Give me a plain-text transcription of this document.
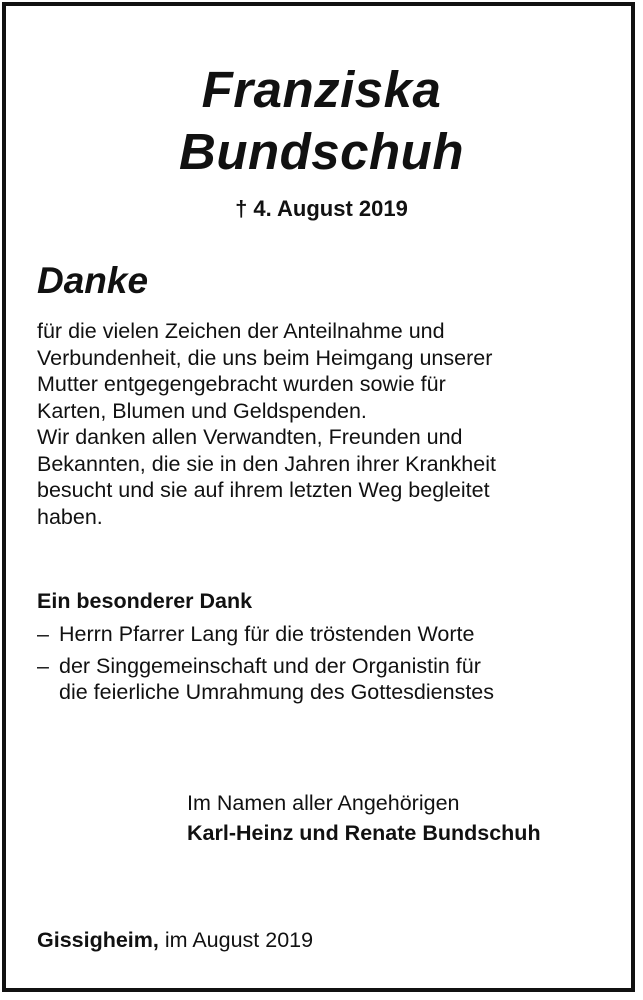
Franziska
Bundschuh
† 4. August 2019
Danke
für die vielen Zeichen der Anteilnahme und
Verbundenheit, die uns beim Heimgang unserer
Mutter entgegengebracht wurden sowie für
Karten, Blumen und Geldspenden.
Wir danken allen Verwandten, Freunden und
Bekannten, die sie in den Jahren ihrer Krankheit
besucht und sie auf ihrem letzten Weg begleitet
haben.
Ein besonderer Dank
– Herrn Pfarrer Lang für die tröstenden Worte
– der Singgemeinschaft und der Organistin für
die feierliche Umrahmung des Gottesdienstes
Im Namen aller Angehörigen
Karl-Heinz und Renate Bundschuh
Gissigheim, im August 2019
